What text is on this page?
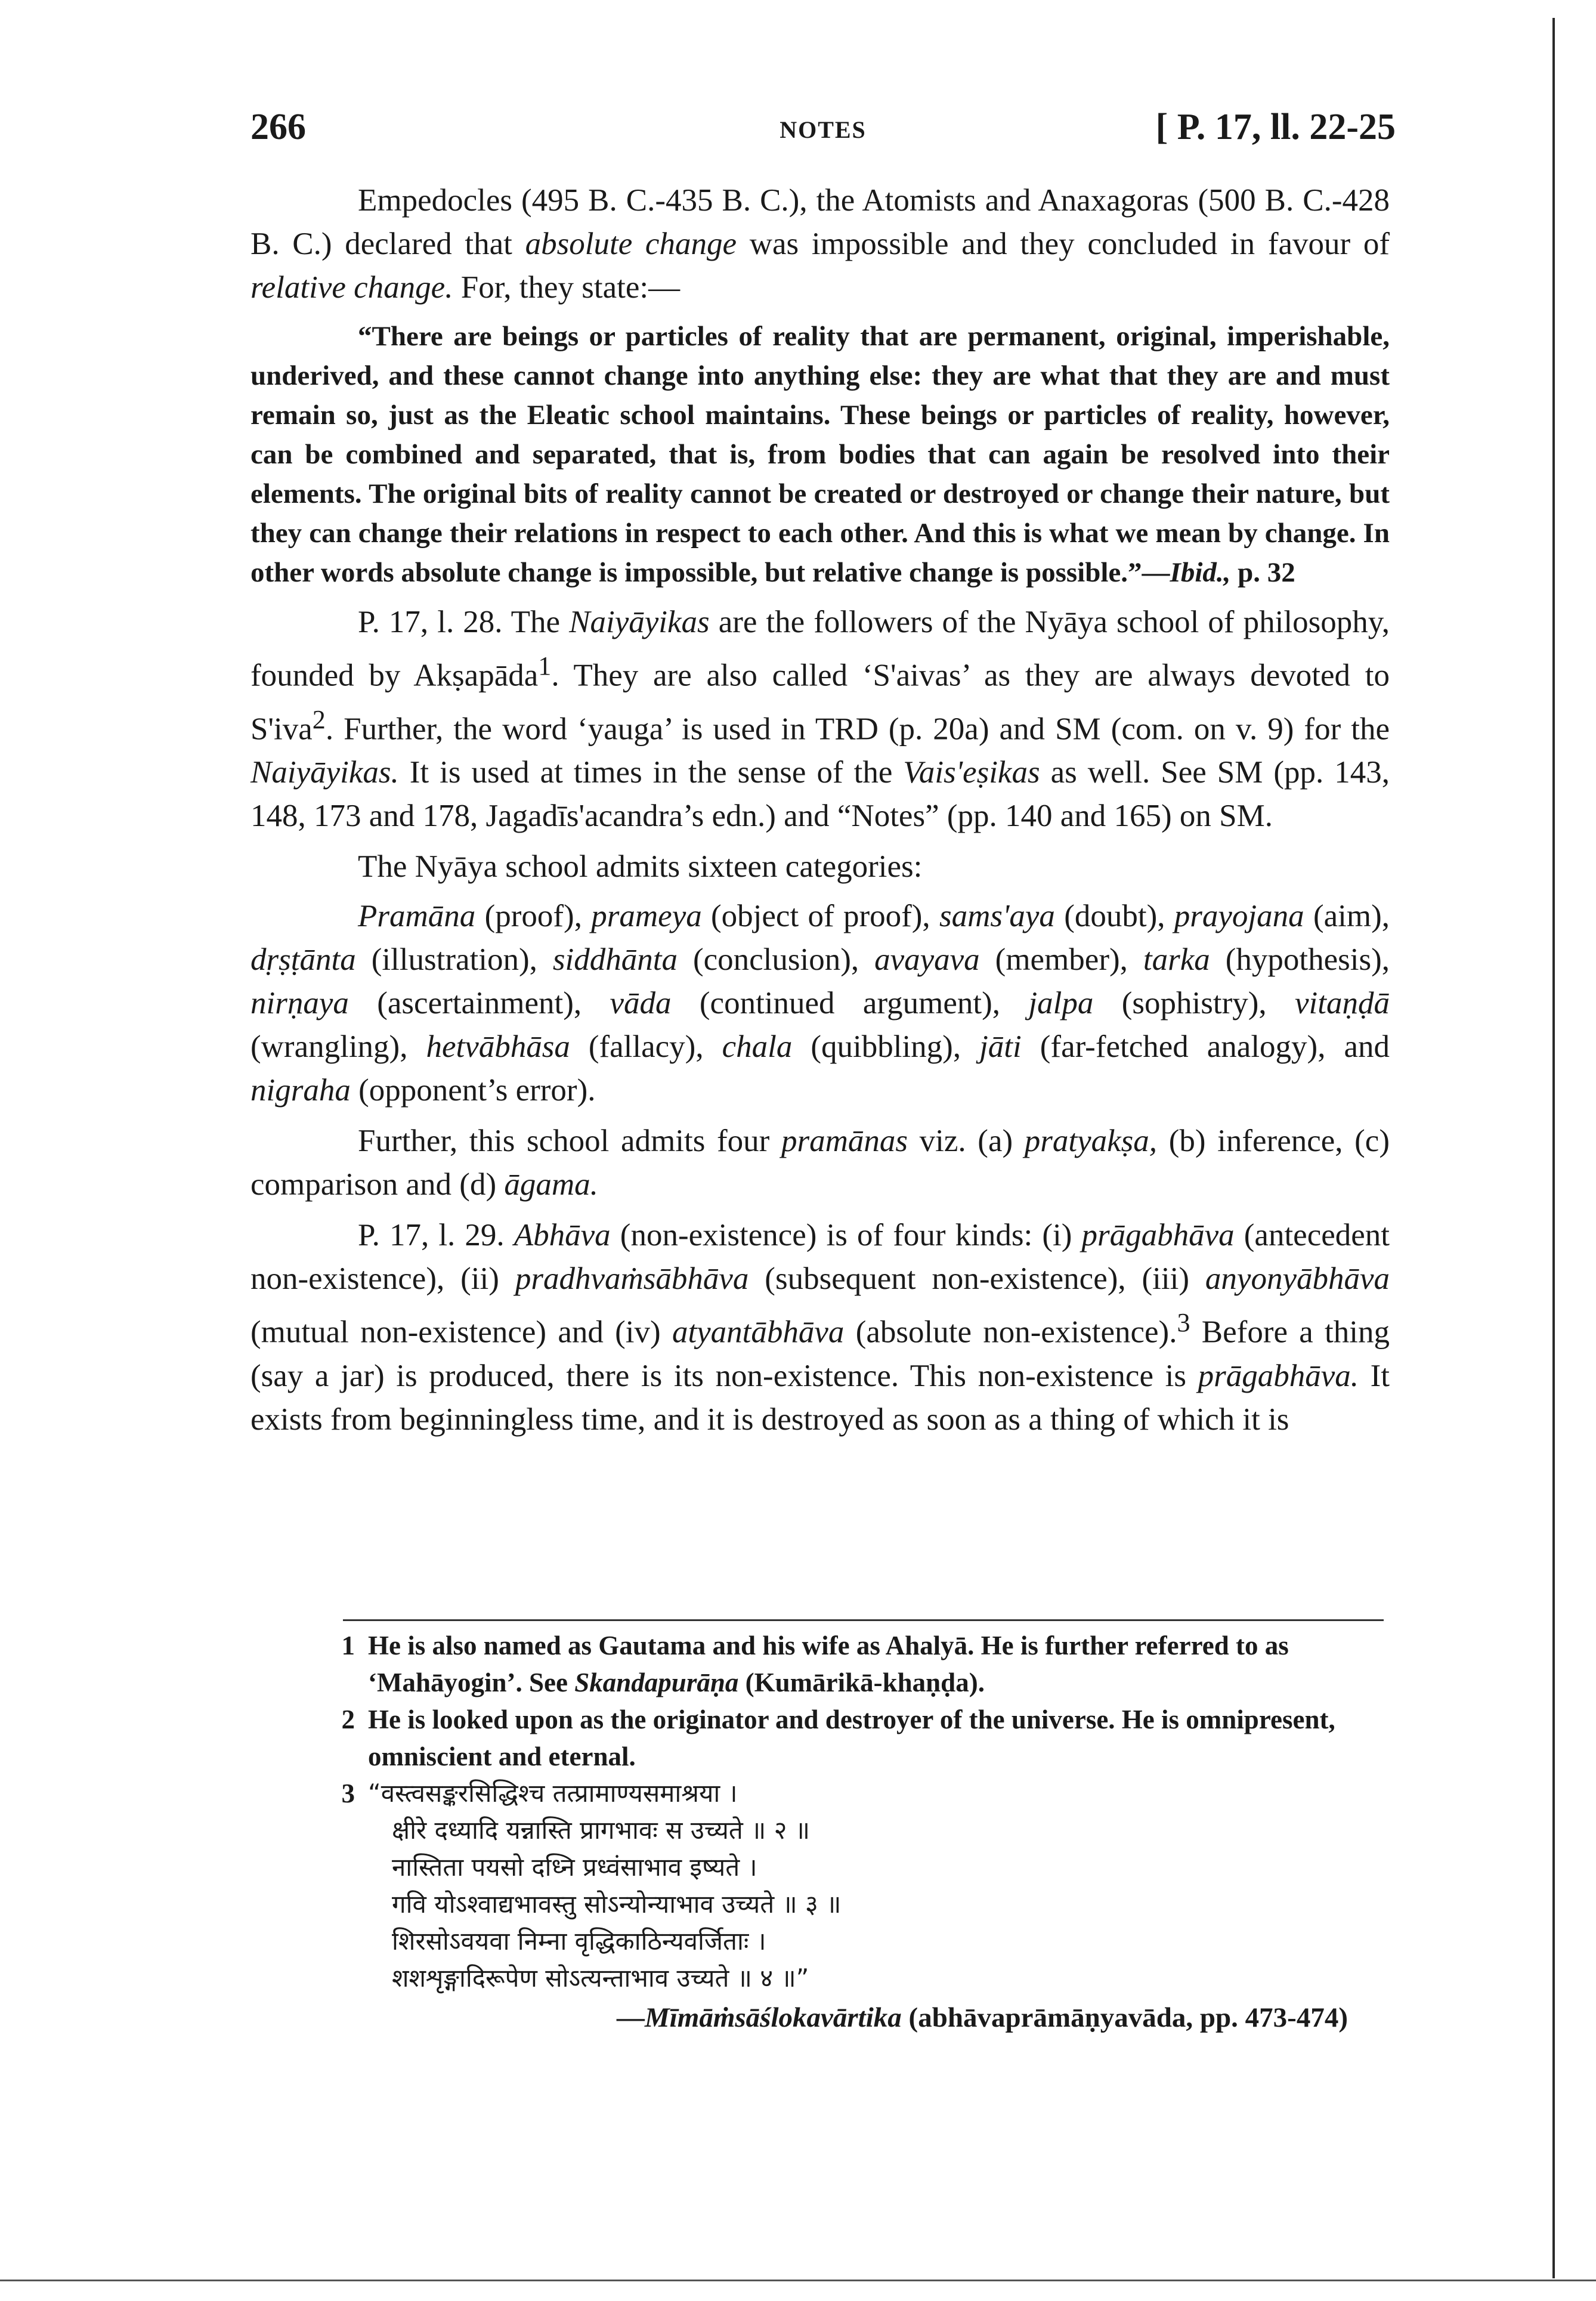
266	NOTES	[ P. 17, ll. 22-25

Empedocles (495 B. C.-435 B. C.), the Atomists and Anaxagoras (500 B. C.-428 B. C.) declared that absolute change was impossible and they concluded in favour of relative change. For, they state:—

“There are beings or particles of reality that are permanent, original, imperishable, underived, and these cannot change into anything else: they are what that they are and must remain so, just as the Eleatic school maintains. These beings or particles of reality, however, can be combined and separated, that is, from bodies that can again be resolved into their elements. The original bits of reality cannot be created or destroyed or change their nature, but they can change their relations in respect to each other. And this is what we mean by change. In other words absolute change is impossible, but relative change is possible.”—Ibid., p. 32

P. 17, l. 28. The Naiyāyikas are the followers of the Nyāya school of philosophy, founded by Akṣapāda$^1$. They are also called ‘S'aivas’ as they are always devoted to S'iva$^2$. Further, the word ‘yauga’ is used in TRD (p. 20a) and SM (com. on v. 9) for the Naiyāyikas. It is used at times in the sense of the Vais'eṣikas as well. See SM (pp. 143, 148, 173 and 178, Jagadīs'acandra’s edn.) and “Notes” (pp. 140 and 165) on SM.

The Nyāya school admits sixteen categories:

Pramāna (proof), prameya (object of proof), sams'aya (doubt), prayojana (aim), dṛṣṭānta (illustration), siddhānta (conclusion), avayava (member), tarka (hypothesis), nirṇaya (ascertainment), vāda (continued argument), jalpa (sophistry), vitaṇḍā (wrangling), hetvābhāsa (fallacy), chala (quibbling), jāti (far-fetched analogy), and nigraha (opponent’s error).

Further, this school admits four pramānas viz. (a) pratyakṣa, (b) inference, (c) comparison and (d) āgama.

P. 17, l. 29. Abhāva (non-existence) is of four kinds: (i) prāgabhāva (antecedent non-existence), (ii) pradhvaṁsābhāva (subsequent non-existence), (iii) anyonyābhāva (mutual non-existence) and (iv) atyantābhāva (absolute non-existence).$^3$ Before a thing (say a jar) is produced, there is its non-existence. This non-existence is prāgabhāva. It exists from beginningless time, and it is destroyed as soon as a thing of which it is

1 He is also named as Gautama and his wife as Ahalyā. He is further referred to as ‘Mahāyogin’. See Skandapurāṇa (Kumārikā-khaṇḍa).
2 He is looked upon as the originator and destroyer of the universe. He is omnipresent, omniscient and eternal.
3 “वस्त्वसङ्करसिद्धिश्च तत्प्रामाण्यसमाश्रया ।
क्षीरे दध्यादि यन्नास्ति प्रागभावः स उच्यते ॥ २ ॥
नास्तिता पयसो दध्नि प्रध्वंसाभाव इष्यते ।
गवि योऽश्वाद्यभावस्तु सोऽन्योन्याभाव उच्यते ॥ ३ ॥
शिरसोऽवयवा निम्ना वृद्धिकाठिन्यवर्जिताः ।
शशशृङ्गादिरूपेण सोऽत्यन्ताभाव उच्यते ॥ ४ ॥”
—Mīmāṁsāślokavārtika (abhāvaprāmāṇyavāda, pp. 473-474)
